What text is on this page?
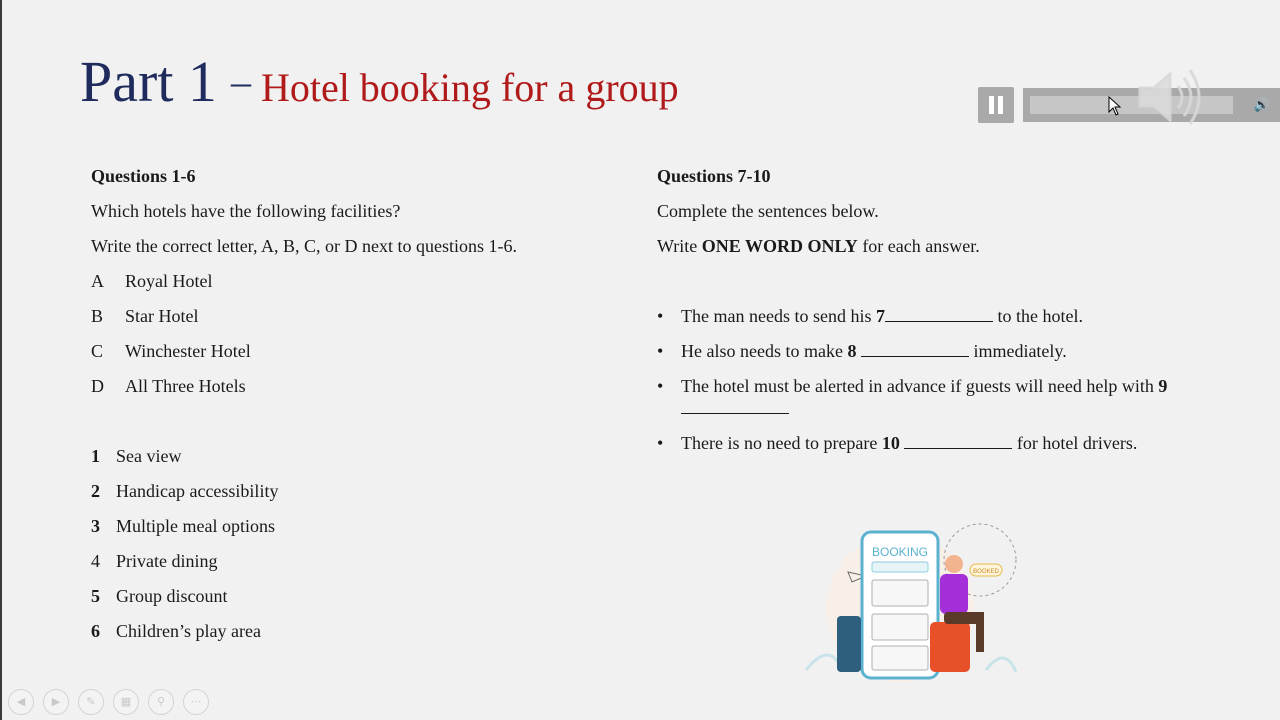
Part 1 – Hotel booking for a group	🔊

Questions 1-6

Which hotels have the following facilities?

Write the correct letter, A, B, C, or D next to questions 1-6.

A Royal Hotel

B Star Hotel

C Winchester Hotel

D All Three Hotels

1 Sea view

2 Handicap accessibility

3 Multiple meal options

4 Private dining

5 Group discount

6 Children’s play area

Questions 7-10

Complete the sentences below.

Write ONE WORD ONLY for each answer.

• The man needs to send his 7	to the hotel.
• He also needs to make 8	immediately.
• The hotel must be alerted in advance if guests will need help with 9
• There is no need to prepare 10	for hotel drivers.
BOOKING
BOOKED
◀	▶	✎	▦	⚲	⋯
